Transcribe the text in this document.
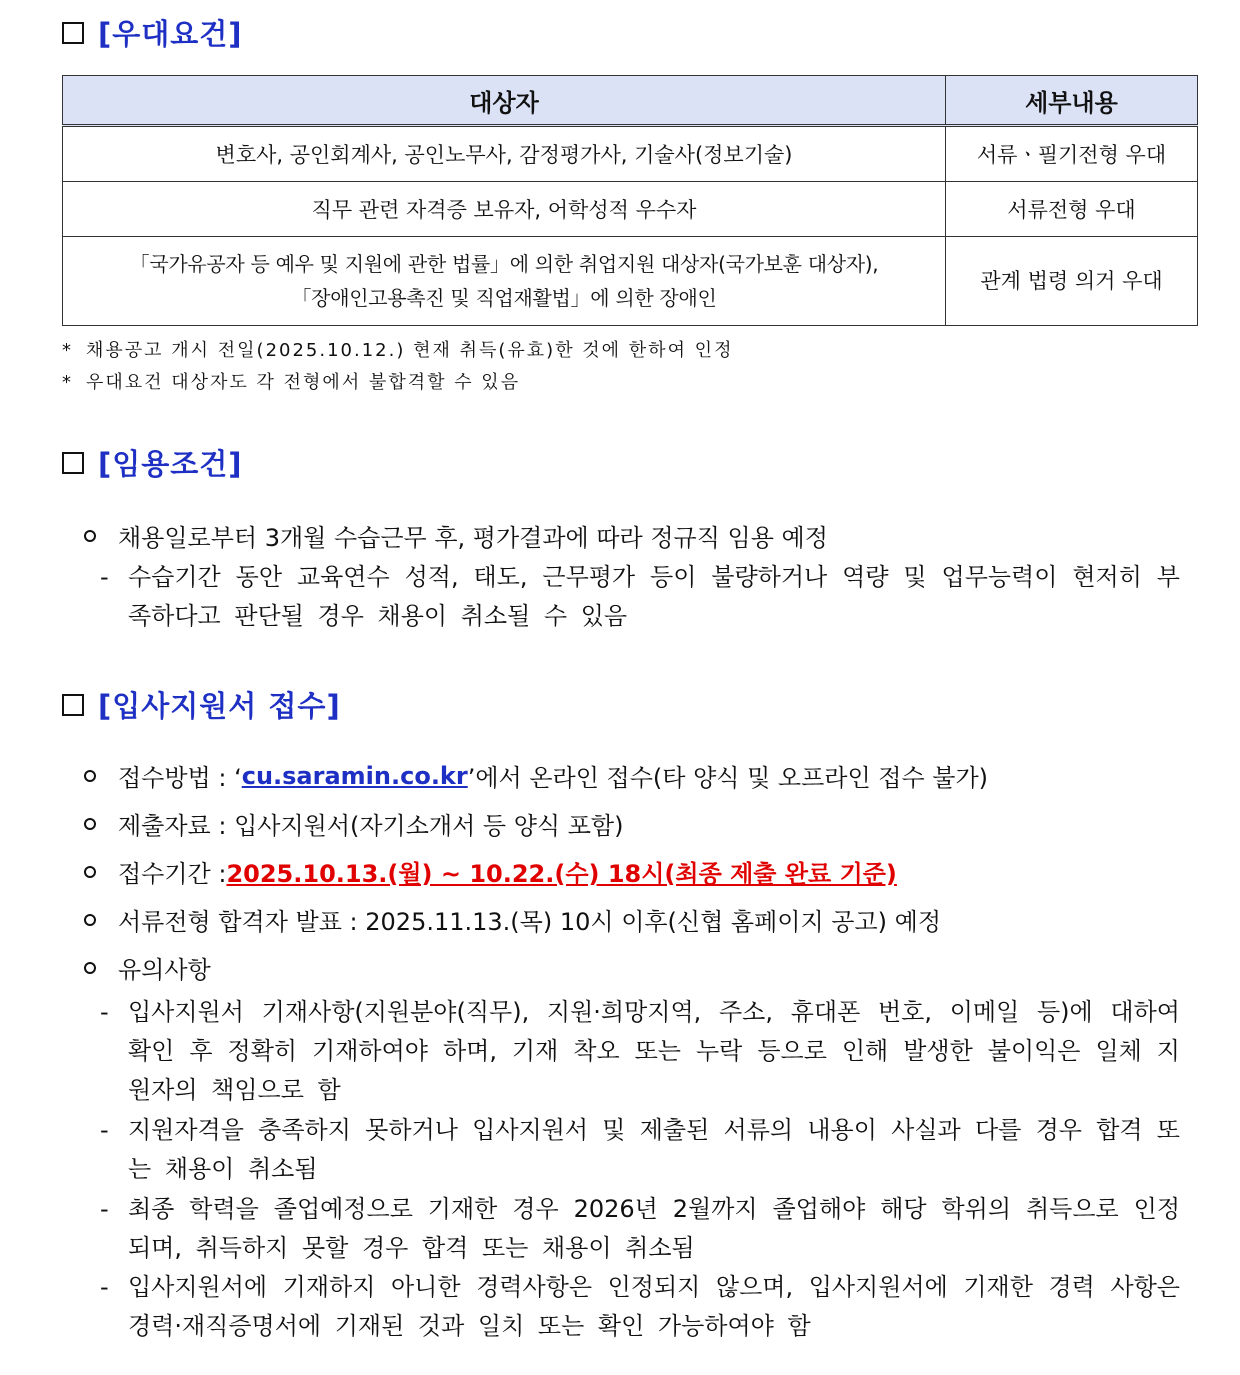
[우대요건]
대상자	세부내용
변호사, 공인회계사, 공인노무사, 감정평가사, 기술사(정보기술)	서류ㆍ필기전형 우대
직무 관련 자격증 보유자, 어학성적 우수자	서류전형 우대

「국가유공자 등 예우 및 지원에 관한 법률」에 의한 취업지원 대상자(국가보훈 대상자),
「장애인고용촉진 및 직업재활법」에 의한 장애인	관계 법령 의거 우대
* 채용공고 개시 전일(2025.10.12.) 현재 취득(유효)한 것에 한하여 인정
* 우대요건 대상자도 각 전형에서 불합격할 수 있음
[임용조건]
채용일로부터 3개월 수습근무 후, 평가결과에 따라 정규직 임용 예정
- 수습기간 동안 교육연수 성적, 태도, 근무평가 등이 불량하거나 역량 및 업무능력이 현저히 부족하다고 판단될 경우 채용이 취소될 수 있음
[입사지원서 접수]
접수방법 : ‘ cu.saramin.co.kr ’에서 온라인 접수(타 양식 및 오프라인 접수 불가)
제출자료 : 입사지원서(자기소개서 등 양식 포함)
접수기간 : 2025.10.13.(월) ~ 10.22.(수) 18시(최종 제출 완료 기준)
서류전형 합격자 발표 : 2025.11.13.(목) 10시 이후(신협 홈페이지 공고) 예정
유의사항
- 입사지원서 기재사항(지원분야(직무), 지원·희망지역, 주소, 휴대폰 번호, 이메일 등)에 대하여 확인 후 정확히 기재하여야 하며, 기재 착오 또는 누락 등으로 인해 발생한 불이익은 일체 지원자의 책임으로 함
- 지원자격을 충족하지 못하거나 입사지원서 및 제출된 서류의 내용이 사실과 다를 경우 합격 또는 채용이 취소됨
- 최종 학력을 졸업예정으로 기재한 경우 2026년 2월까지 졸업해야 해당 학위의 취득으로 인정되며, 취득하지 못할 경우 합격 또는 채용이 취소됨
- 입사지원서에 기재하지 아니한 경력사항은 인정되지 않으며, 입사지원서에 기재한 경력 사항은 경력·재직증명서에 기재된 것과 일치 또는 확인 가능하여야 함
